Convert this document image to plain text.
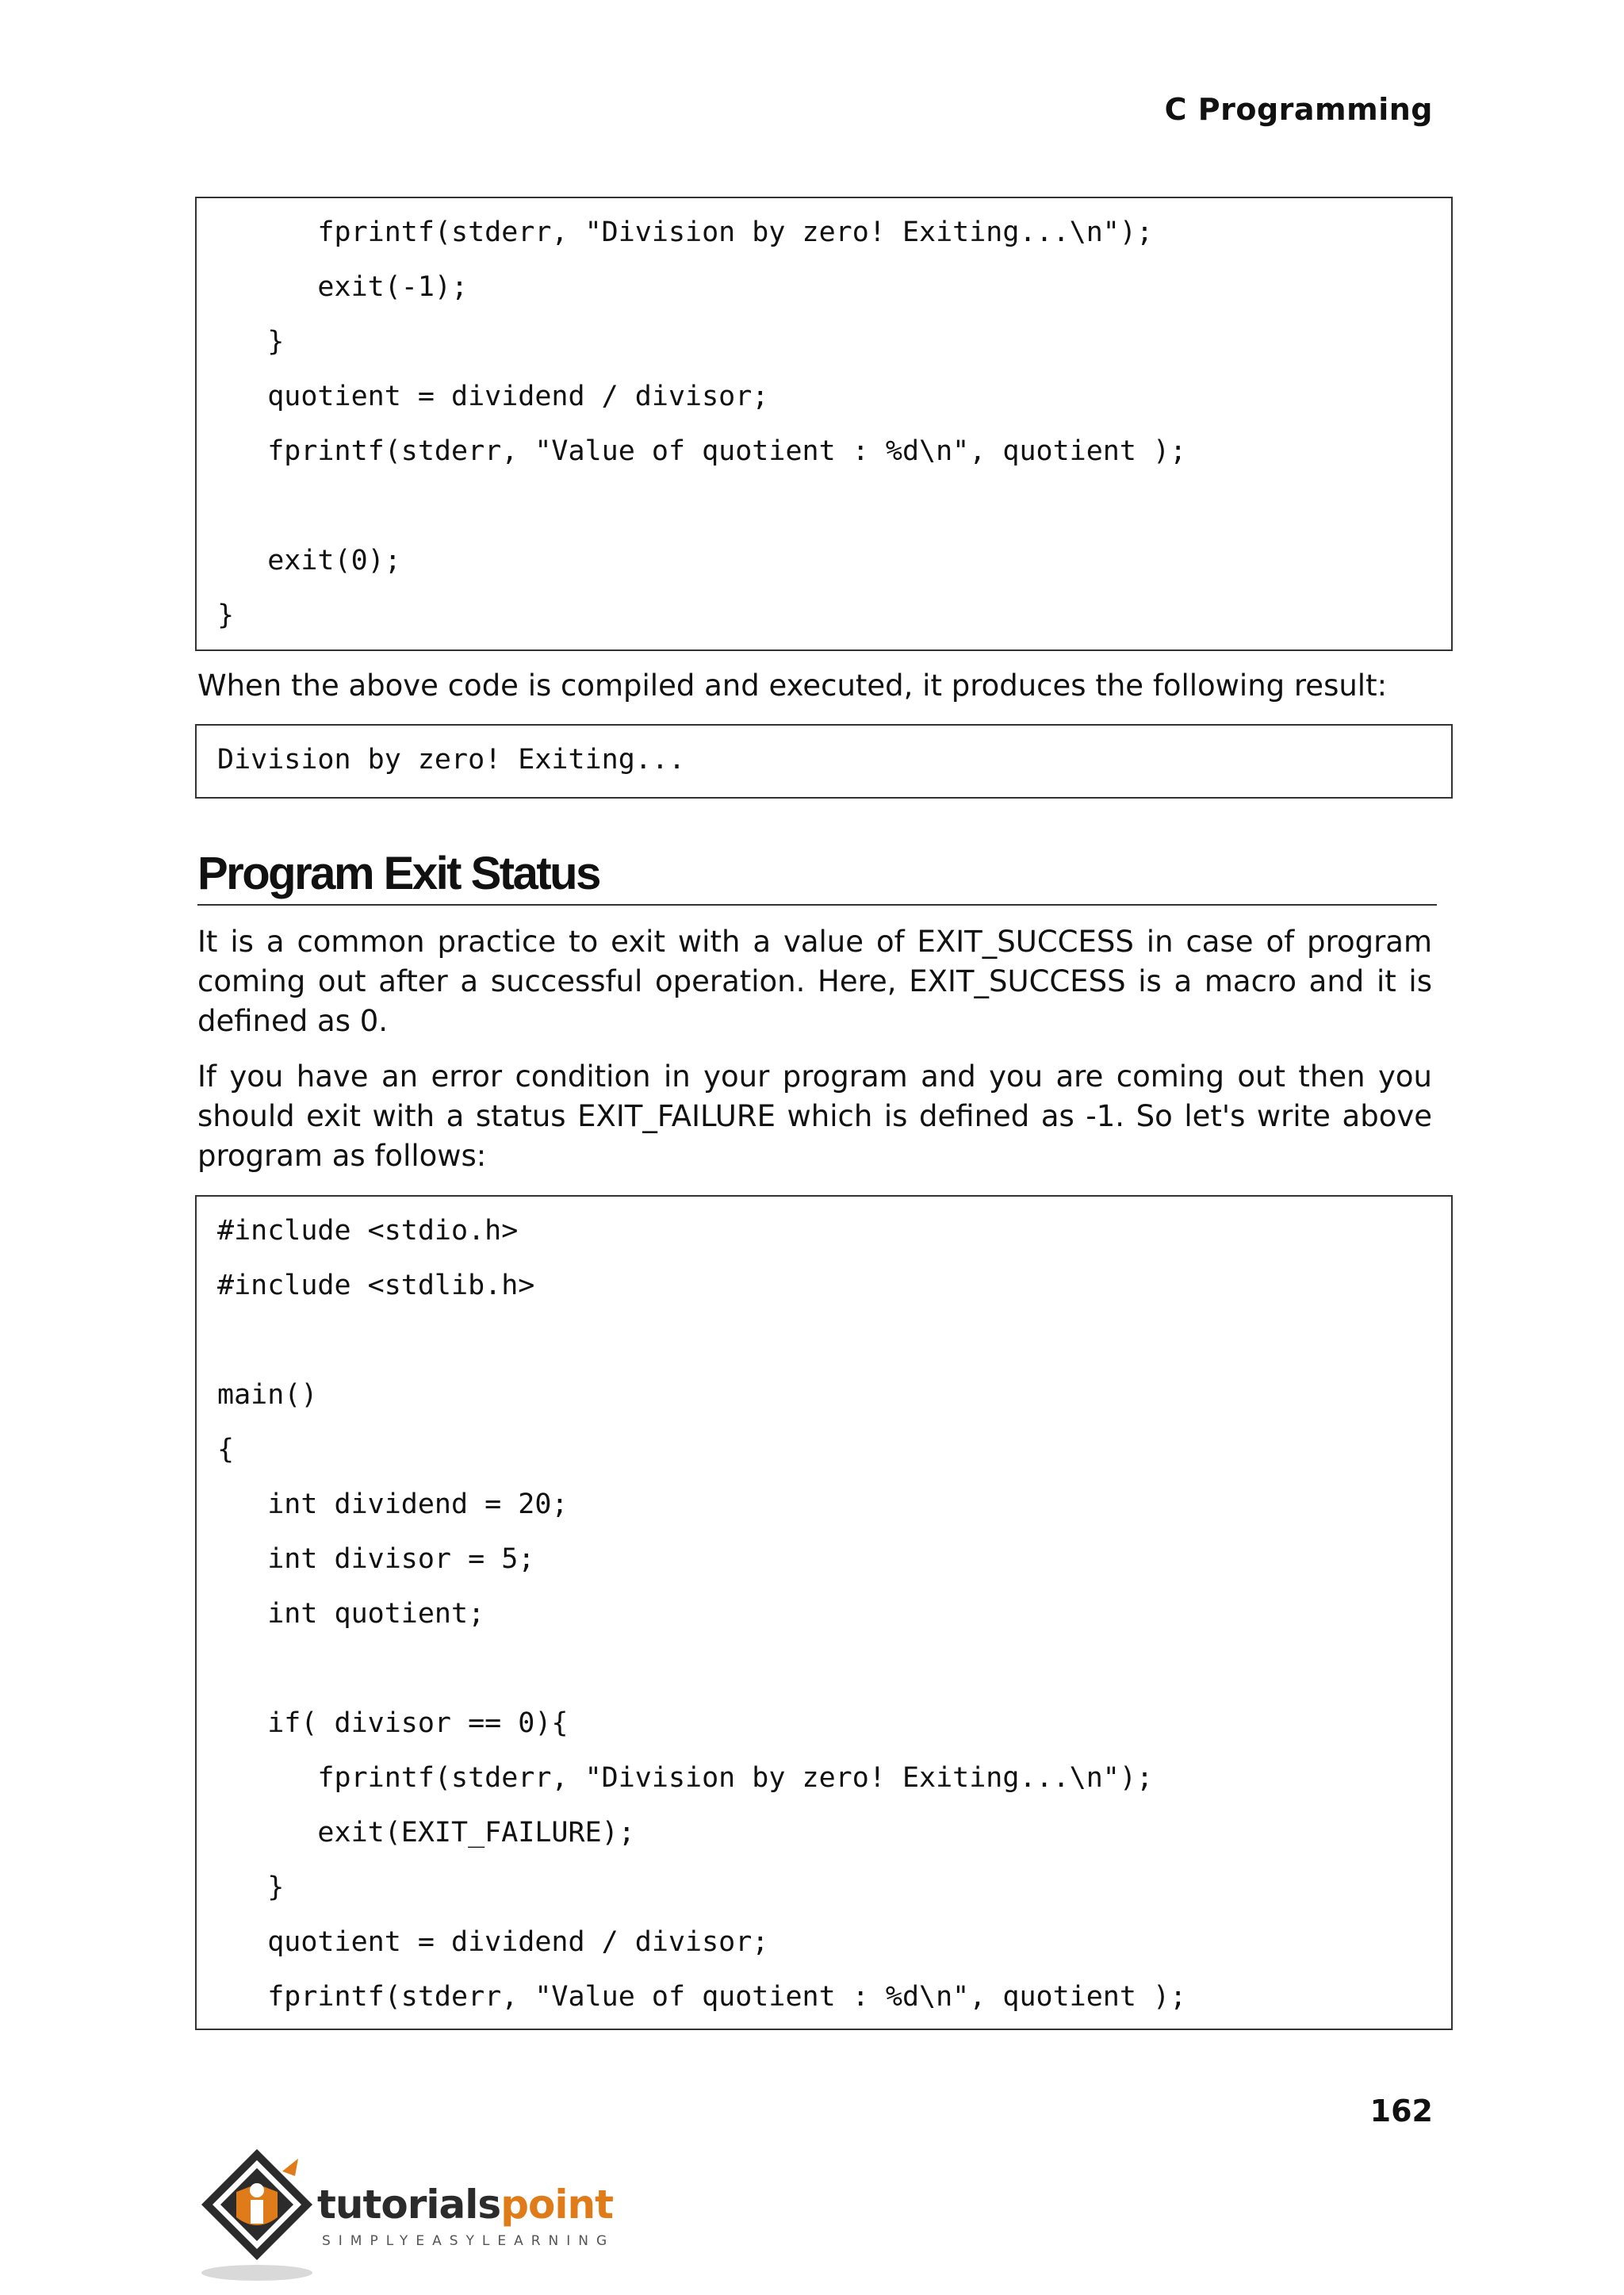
C Programming
fprintf(stderr, "Division by zero! Exiting...\n");
exit(-1);
}
quotient = dividend / divisor;
fprintf(stderr, "Value of quotient : %d\n", quotient );
exit(0);
}

When the above code is compiled and executed, it produces the following result:

Division by zero! Exiting...
Program Exit Status

It is a common practice to exit with a value of EXIT_SUCCESS in case of program coming out after a successful operation. Here, EXIT_SUCCESS is a macro and it is defined as 0.

If you have an error condition in your program and you are coming out then you should exit with a status EXIT_FAILURE which is defined as -1. So let's write above program as follows:

#include <stdio.h>
#include <stdlib.h>
main()
{
int dividend = 20;
int divisor = 5;
int quotient;
if( divisor == 0){
fprintf(stderr, "Division by zero! Exiting...\n");
exit(EXIT_FAILURE);
}
quotient = dividend / divisor;
fprintf(stderr, "Value of quotient : %d\n", quotient );
162
tutorialspoint
SIMPLYEASYLEARNING
